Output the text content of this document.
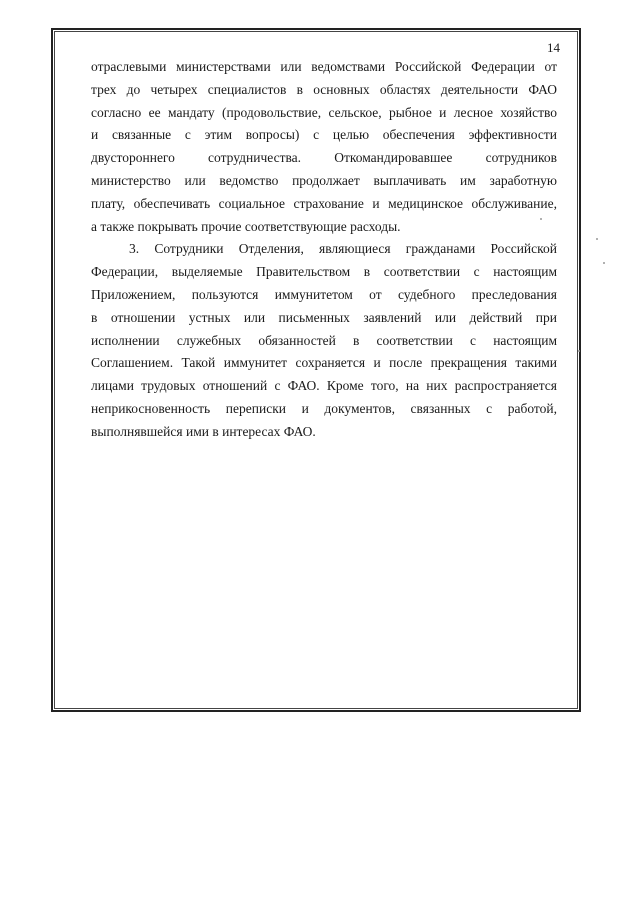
14

отраслевыми министерствами или ведомствами Российской Федерации от
трех до четырех специалистов в основных областях деятельности ФАО
согласно ее мандату (продовольствие, сельское, рыбное и лесное хозяйство
и связанные с этим вопросы) с целью обеспечения эффективности
двустороннего сотрудничества. Откомандировавшее сотрудников
министерство или ведомство продолжает выплачивать им заработную
плату, обеспечивать социальное страхование и медицинское обслуживание,
а также покрывать прочие соответствующие расходы.

3. Сотрудники Отделения, являющиеся гражданами Российской
Федерации, выделяемые Правительством в соответствии с настоящим
Приложением, пользуются иммунитетом от судебного преследования
в отношении устных или письменных заявлений или действий при
исполнении служебных обязанностей в соответствии с настоящим
Соглашением. Такой иммунитет сохраняется и после прекращения такими
лицами трудовых отношений с ФАО. Кроме того, на них распространяется
неприкосновенность переписки и документов, связанных с работой,
выполнявшейся ими в интересах ФАО.
